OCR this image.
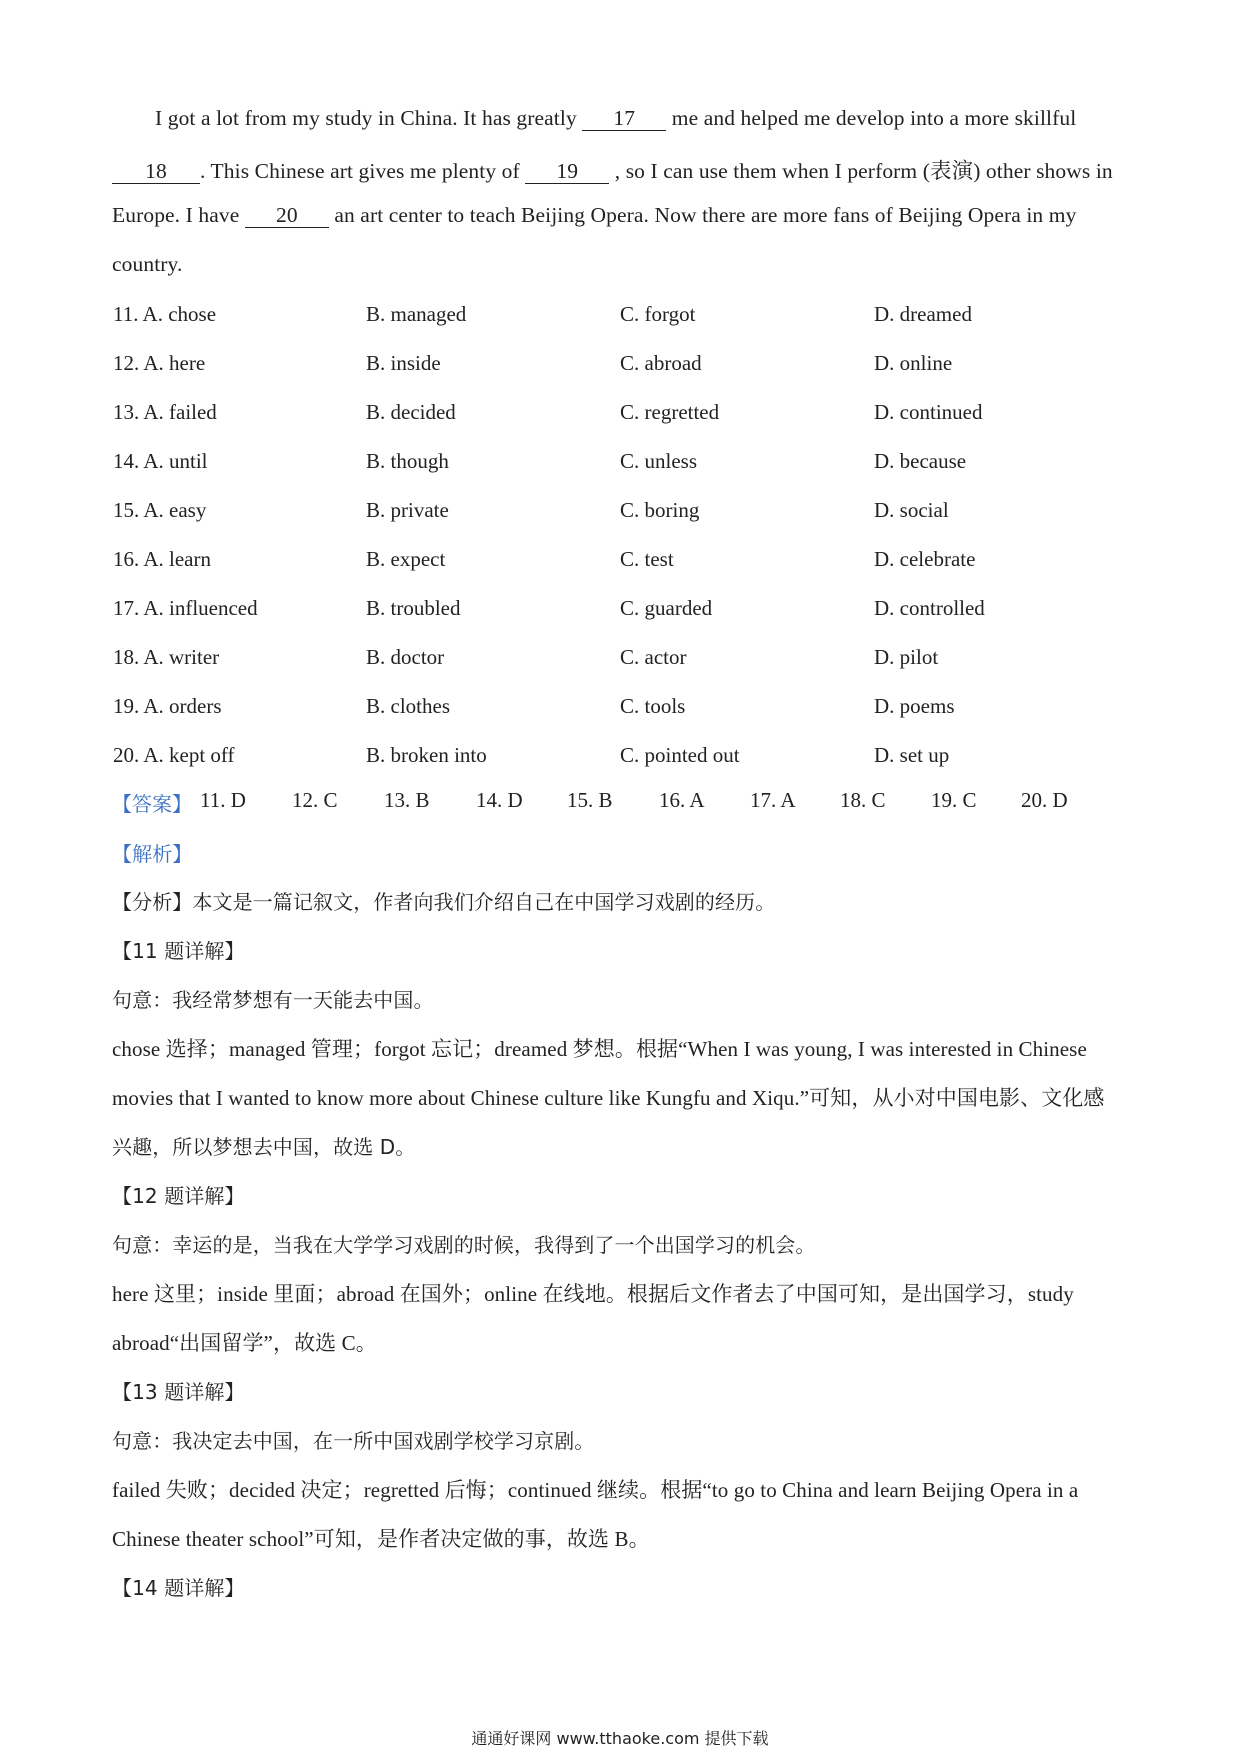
I got a lot from my study in China. It has greatly 17 me and helped me develop into a more skillful
18 . This Chinese art gives me plenty of 19 , so I can use them when I perform (表演) other shows in
Europe. I have 20 an art center to teach Beijing Opera. Now there are more fans of Beijing Opera in my
country.
11. A. chose	B. managed	C. forgot	D. dreamed
12. A. here	B. inside	C. abroad	D. online
13. A. failed	B. decided	C. regretted	D. continued
14. A. until	B. though	C. unless	D. because
15. A. easy	B. private	C. boring	D. social
16. A. learn	B. expect	C. test	D. celebrate
17. A. influenced	B. troubled	C. guarded	D. controlled
18. A. writer	B. doctor	C. actor	D. pilot
19. A. orders	B. clothes	C. tools	D. poems
20. A. kept off	B. broken into	C. pointed out	D. set up
【答案】 11. D 12. C 13. B 14. D 15. B 16. A 17. A 18. C 19. C 20. D
【解析】
【分析】本文是一篇记叙文，作者向我们介绍自己在中国学习戏剧的经历。
【11 题详解】
句意：我经常梦想有一天能去中国。
chose 选择；managed 管理；forgot 忘记；dreamed 梦想。根据“When I was young, I was interested in Chinese
movies that I wanted to know more about Chinese culture like Kungfu and Xiqu.”可知，从小对中国电影、文化感
兴趣，所以梦想去中国，故选 D。
【12 题详解】
句意：幸运的是，当我在大学学习戏剧的时候，我得到了一个出国学习的机会。
here 这里；inside 里面；abroad 在国外；online 在线地。根据后文作者去了中国可知，是出国学习，study
abroad“出国留学”，故选 C。
【13 题详解】
句意：我决定去中国，在一所中国戏剧学校学习京剧。
failed 失败；decided 决定；regretted 后悔；continued 继续。根据“to go to China and learn Beijing Opera in a
Chinese theater school”可知，是作者决定做的事，故选 B。
【14 题详解】
通通好课网 www.tthaoke.com 提供下载
